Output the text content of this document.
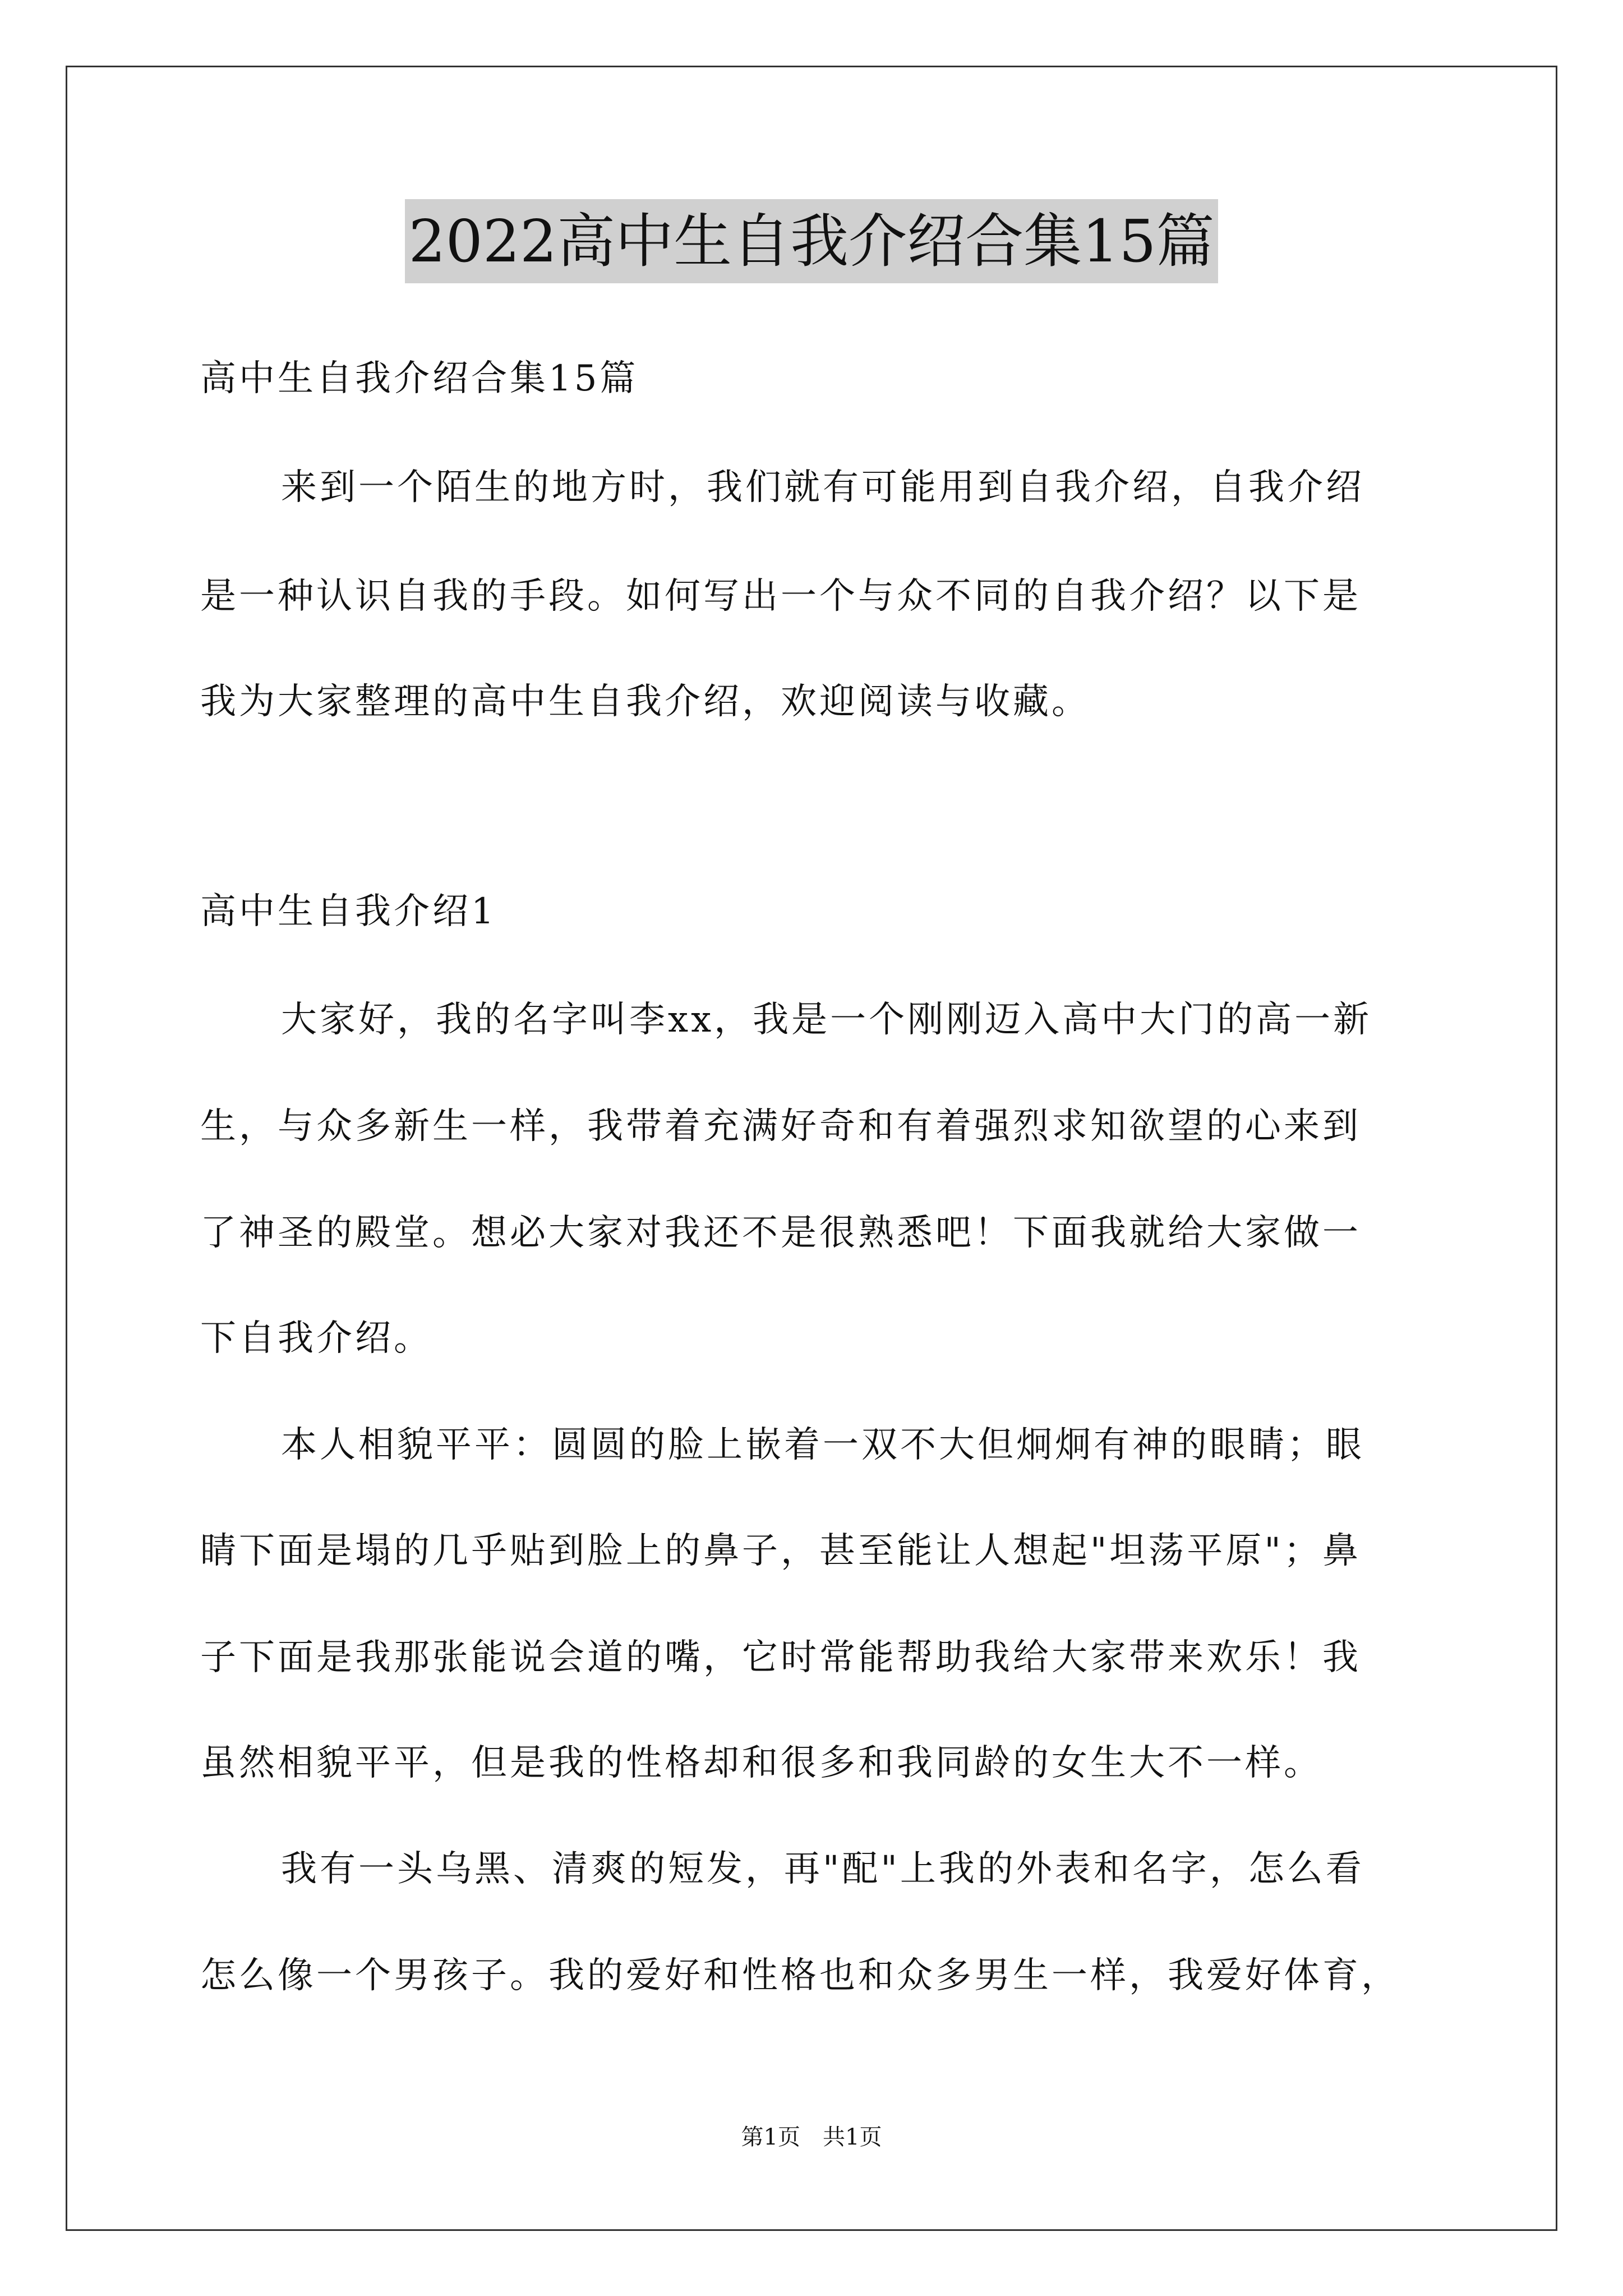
2022高中生自我介绍合集15篇
高中生自我介绍合集15篇
来到一个陌生的地方时，我们就有可能用到自我介绍，自我介绍
是一种认识自我的手段。如何写出一个与众不同的自我介绍？以下是
我为大家整理的高中生自我介绍，欢迎阅读与收藏。
高中生自我介绍1
大家好，我的名字叫李xx，我是一个刚刚迈入高中大门的高一新
生，与众多新生一样，我带着充满好奇和有着强烈求知欲望的心来到
了神圣的殿堂。想必大家对我还不是很熟悉吧！下面我就给大家做一
下自我介绍。
本人相貌平平：圆圆的脸上嵌着一双不大但炯炯有神的眼睛；眼
睛下面是塌的几乎贴到脸上的鼻子，甚至能让人想起"坦荡平原"；鼻
子下面是我那张能说会道的嘴，它时常能帮助我给大家带来欢乐！我
虽然相貌平平，但是我的性格却和很多和我同龄的女生大不一样。
我有一头乌黑、清爽的短发，再"配"上我的外表和名字，怎么看
怎么像一个男孩子。我的爱好和性格也和众多男生一样，我爱好体育，
第1页　共1页
